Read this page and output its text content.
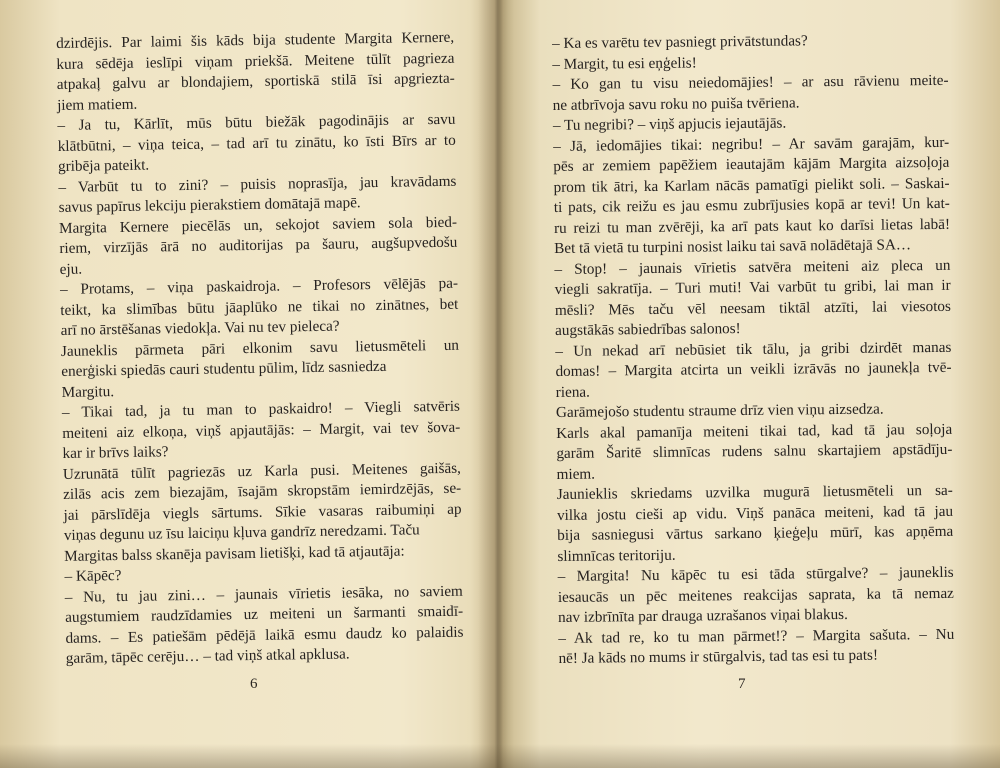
dzirdējis. Par laimi šis kāds bija studente Margita Kernere,
kura sēdēja ieslīpi viņam priekšā. Meitene tūlīt pagrieza
atpakaļ galvu ar blondajiem, sportiskā stilā īsi apgriezta-
jiem matiem.
– Ja tu, Kārlīt, mūs būtu biežāk pagodinājis ar savu
klātbūtni, – viņa teica, – tad arī tu zinātu, ko īsti Bīrs ar to
gribēja pateikt.
– Varbūt tu to zini? – puisis noprasīja, jau kravādams
savus papīrus lekciju pierakstiem domātajā mapē.
Margita Kernere piecēlās un, sekojot saviem sola bied-
riem, virzījās ārā no auditorijas pa šauru, augšupvedošu
eju.
– Protams, – viņa paskaidroja. – Profesors vēlējās pa-
teikt, ka slimības būtu jāaplūko ne tikai no zinātnes, bet
arī no ārstēšanas viedokļa. Vai nu tev pieleca?
Jauneklis pārmeta pāri elkonim savu lietusmēteli un
enerģiski spiedās cauri studentu pūlim, līdz sasniedza
Margitu.
– Tikai tad, ja tu man to paskaidro! – Viegli satvēris
meiteni aiz elkoņa, viņš apjautājās: – Margit, vai tev šova-
kar ir brīvs laiks?
Uzrunātā tūlīt pagriezās uz Karla pusi. Meitenes gaišās,
zilās acis zem biezajām, īsajām skropstām iemirdzējās, se-
jai pārslīdēja viegls sārtums. Sīkie vasaras raibumiņi ap
viņas degunu uz īsu laiciņu kļuva gandrīz neredzami. Taču
Margitas balss skanēja pavisam lietišķi, kad tā atjautāja:
– Kāpēc?
– Nu, tu jau zini… – jaunais vīrietis iesāka, no saviem
augstumiem raudzīdamies uz meiteni un šarmanti smaidī-
dams. – Es patiešām pēdējā laikā esmu daudz ko palaidis
garām, tāpēc cerēju… – tad viņš atkal apklusa.
6
– Ka es varētu tev pasniegt privātstundas?
– Margit, tu esi eņģelis!
– Ko gan tu visu neiedomājies! – ar asu rāvienu meite-
ne atbrīvoja savu roku no puiša tvēriena.
– Tu negribi? – viņš apjucis iejautājās.
– Jā, iedomājies tikai: negribu! – Ar savām garajām, kur-
pēs ar zemiem papēžiem ieautajām kājām Margita aizsoļoja
prom tik ātri, ka Karlam nācās pamatīgi pielikt soli. – Saskai-
ti pats, cik reižu es jau esmu zubrījusies kopā ar tevi! Un kat-
ru reizi tu man zvērēji, ka arī pats kaut ko darīsi lietas labā!
Bet tā vietā tu turpini nosist laiku tai savā nolādētajā SA…
– Stop! – jaunais vīrietis satvēra meiteni aiz pleca un
viegli sakratīja. – Turi muti! Vai varbūt tu gribi, lai man ir
mēsli? Mēs taču vēl neesam tiktāl atzīti, lai viesotos
augstākās sabiedrības salonos!
– Un nekad arī nebūsiet tik tālu, ja gribi dzirdēt manas
domas! – Margita atcirta un veikli izrāvās no jaunekļa tvē-
riena.
Garāmejošo studentu straume drīz vien viņu aizsedza.
Karls akal pamanīja meiteni tikai tad, kad tā jau soļoja
garām Šaritē slimnīcas rudens salnu skartajiem apstādīju-
miem.
Jaunieklis skriedams uzvilka mugurā lietusmēteli un sa-
vilka jostu cieši ap vidu. Viņš panāca meiteni, kad tā jau
bija sasniegusi vārtus sarkano ķieģeļu mūrī, kas apņēma
slimnīcas teritoriju.
– Margita! Nu kāpēc tu esi tāda stūrgalve? – jauneklis
iesaucās un pēc meitenes reakcijas saprata, ka tā nemaz
nav izbrīnīta par drauga uzrašanos viņai blakus.
– Ak tad re, ko tu man pārmet!? – Margita sašuta. – Nu
nē! Ja kāds no mums ir stūrgalvis, tad tas esi tu pats!
7
